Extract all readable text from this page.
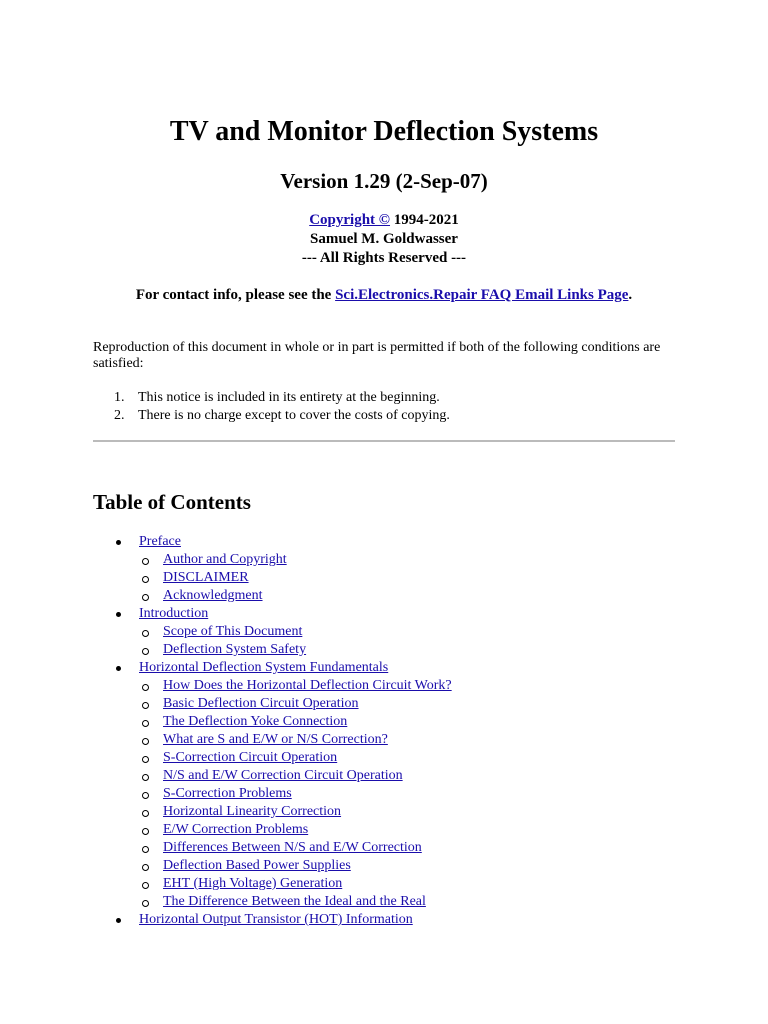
TV and Monitor Deflection Systems
Version 1.29 (2-Sep-07)
Copyright © 1994-2021
Samuel M. Goldwasser
--- All Rights Reserved ---
For contact info, please see the Sci.Electronics.Repair FAQ Email Links Page.
Reproduction of this document in whole or in part is permitted if both of the following conditions are satisfied:
1. This notice is included in its entirety at the beginning.
2. There is no charge except to cover the costs of copying.
Table of Contents
Preface
Author and Copyright
DISCLAIMER
Acknowledgment
Introduction
Scope of This Document
Deflection System Safety
Horizontal Deflection System Fundamentals
How Does the Horizontal Deflection Circuit Work?
Basic Deflection Circuit Operation
The Deflection Yoke Connection
What are S and E/W or N/S Correction?
S-Correction Circuit Operation
N/S and E/W Correction Circuit Operation
S-Correction Problems
Horizontal Linearity Correction
E/W Correction Problems
Differences Between N/S and E/W Correction
Deflection Based Power Supplies
EHT (High Voltage) Generation
The Difference Between the Ideal and the Real
Horizontal Output Transistor (HOT) Information
